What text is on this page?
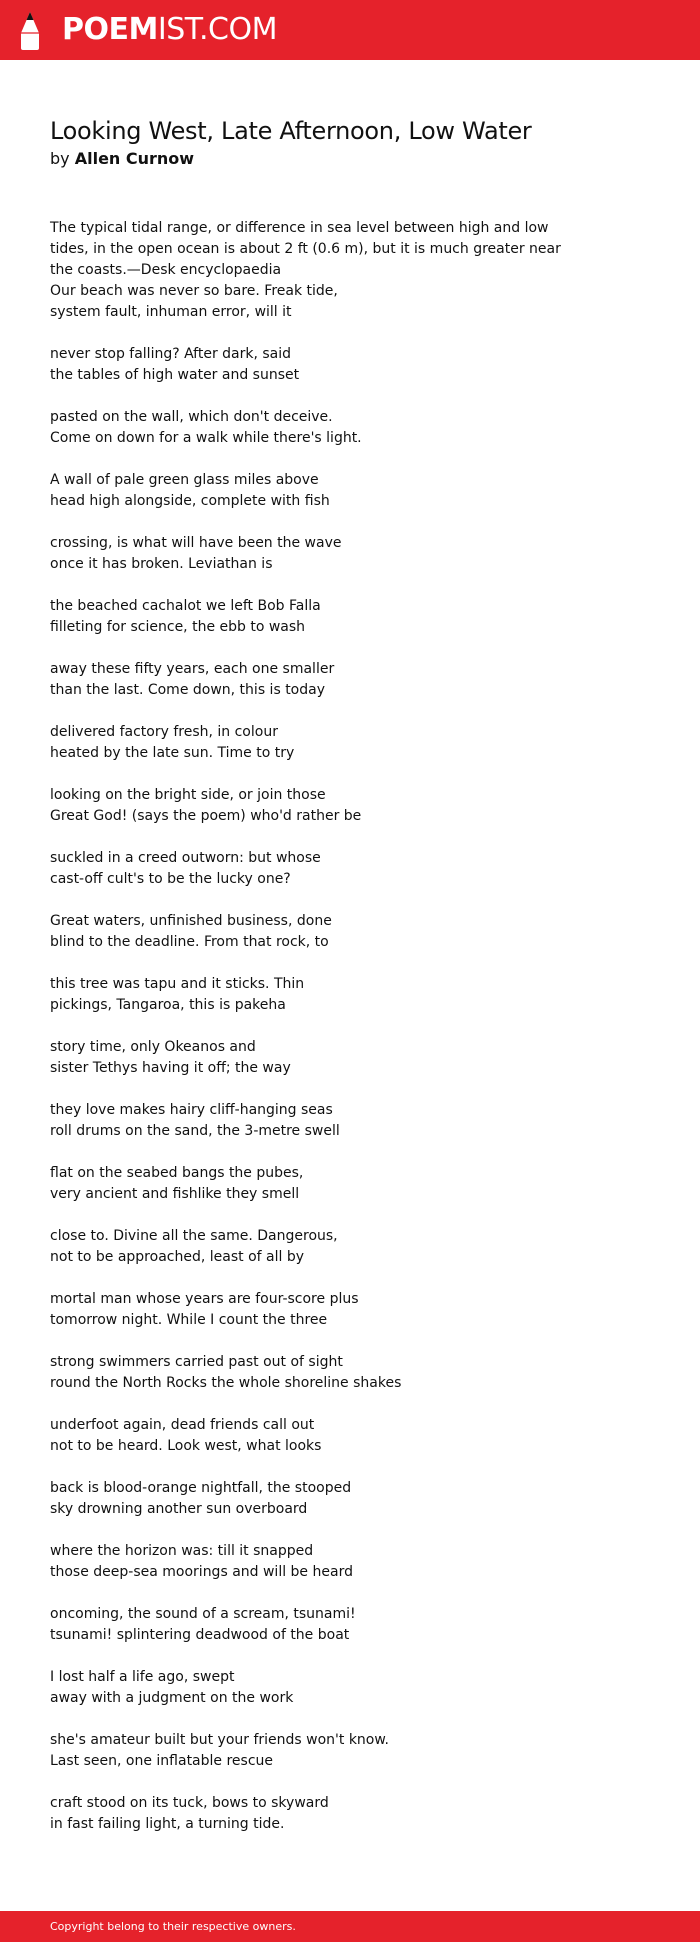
POEMIST.COM
Looking West, Late Afternoon, Low Water

by Allen Curnow

The typical tidal range, or difference in sea level between high and low
tides, in the open ocean is about 2 ft (0.6 m), but it is much greater near
the coasts.—Desk encyclopaedia
Our beach was never so bare. Freak tide,
system fault, inhuman error, will it

never stop falling? After dark, said
the tables of high water and sunset

pasted on the wall, which don't deceive.
Come on down for a walk while there's light.

A wall of pale green glass miles above
head high alongside, complete with fish

crossing, is what will have been the wave
once it has broken. Leviathan is

the beached cachalot we left Bob Falla
filleting for science, the ebb to wash

away these fifty years, each one smaller
than the last. Come down, this is today

delivered factory fresh, in colour
heated by the late sun. Time to try

looking on the bright side, or join those
Great God! (says the poem) who'd rather be

suckled in a creed outworn: but whose
cast-off cult's to be the lucky one?

Great waters, unfinished business, done
blind to the deadline. From that rock, to

this tree was tapu and it sticks. Thin
pickings, Tangaroa, this is pakeha

story time, only Okeanos and
sister Tethys having it off; the way

they love makes hairy cliff-hanging seas
roll drums on the sand, the 3-metre swell

flat on the seabed bangs the pubes,
very ancient and fishlike they smell

close to. Divine all the same. Dangerous,
not to be approached, least of all by

mortal man whose years are four-score plus
tomorrow night. While I count the three

strong swimmers carried past out of sight
round the North Rocks the whole shoreline shakes

underfoot again, dead friends call out
not to be heard. Look west, what looks

back is blood-orange nightfall, the stooped
sky drowning another sun overboard

where the horizon was: till it snapped
those deep-sea moorings and will be heard

oncoming, the sound of a scream, tsunami!
tsunami! splintering deadwood of the boat

I lost half a life ago, swept
away with a judgment on the work

she's amateur built but your friends won't know.
Last seen, one inflatable rescue

craft stood on its tuck, bows to skyward
in fast failing light, a turning tide.

Copyright belong to their respective owners.
